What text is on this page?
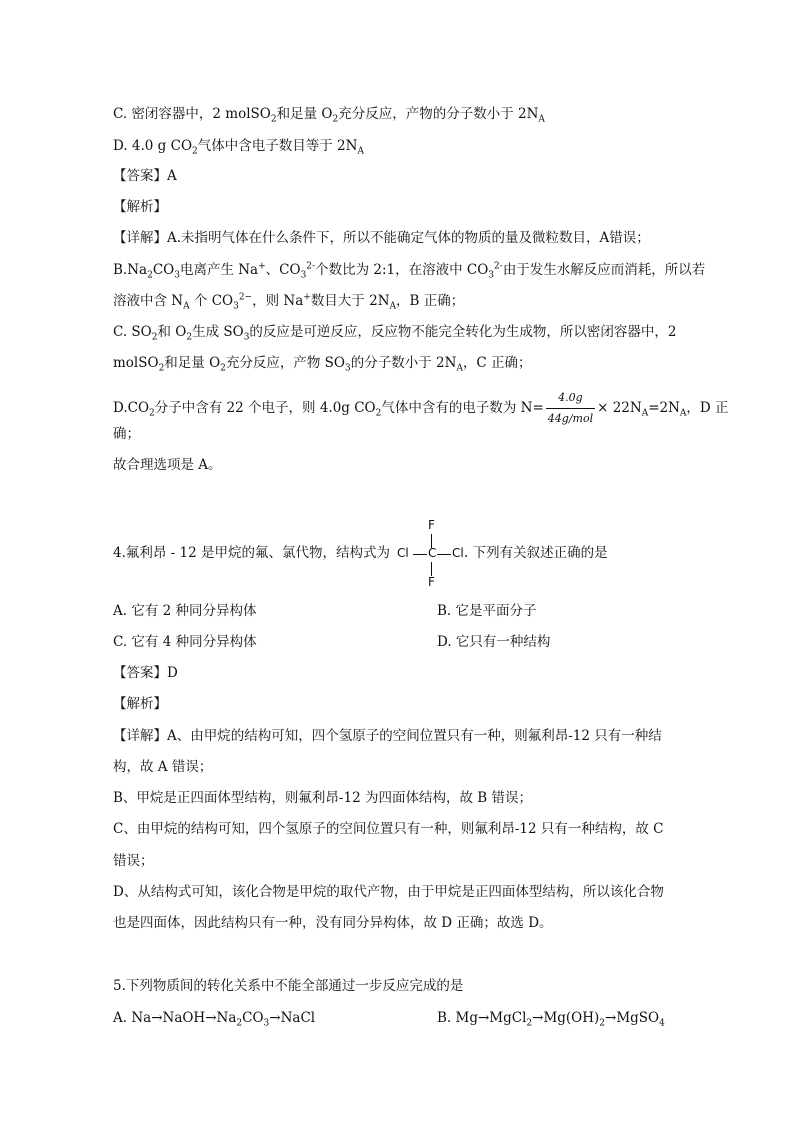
C. 密闭容器中，2 molSO$_2$和足量 $O_2$充分反应，产物的分子数小于 $2N_A$
D. 4.0 g $CO_2$气体中含电子数目等于 $2N_A$
【答案】A
【解析】
【详解】A.未指明气体在什么条件下，所以不能确定气体的物质的量及微粒数目，A错误；
$B.Na_2CO_3$电离产生 Na+、$CO_3^{2-}$个数比为 2:1，在溶液中 $CO_3^{2-}$由于发生水解反应而消耗，所以若
溶液中含 $N_A$ 个 $CO_3^{2-}$，则 Na+数目大于 $2N_A$，B 正确；
C. $SO_2$和 $O_2$生成 $SO_3$的反应是可逆反应，反应物不能完全转化为生成物，所以密闭容器中，2
molSO$_2$和足量 $O_2$充分反应，产物 $SO_3$的分子数小于 $2N_A$，C 正确；
$D.CO_2$分子中含有 22 个电子，则 4.0g $CO_2$气体中含有的电子数为 $N= \frac{4.0g}{\text{44g/mol}} \times 22N_A=2N_A$，D 正
确；
故合理选项是 A。
4.氟利昂 - 12 是甲烷的氟、氯代物，结构式为	. 下列有关叙述正确的是
F
Cl C Cl
F
A. 它有 2 种同分异构体	B. 它是平面分子
C. 它有 4 种同分异构体	D. 它只有一种结构
【答案】D
【解析】
【详解】A、由甲烷的结构可知，四个氢原子的空间位置只有一种，则氟利昂-12 只有一种结
构，故 A 错误；
B、甲烷是正四面体型结构，则氟利昂-12 为四面体结构，故 B 错误；
C、由甲烷的结构可知，四个氢原子的空间位置只有一种，则氟利昂-12 只有一种结构，故 C
错误；
D、从结构式可知，该化合物是甲烷的取代产物，由于甲烷是正四面体型结构，所以该化合物
也是四面体，因此结构只有一种，没有同分异构体，故 D 正确；故选 D。
5.下列物质间的转化关系中不能全部通过一步反应完成的是
A. $Na\to NaOH\to Na_2CO_3\to NaCl$	B. $Mg\to MgCl_2\to Mg(OH)_2\to MgSO_4$
